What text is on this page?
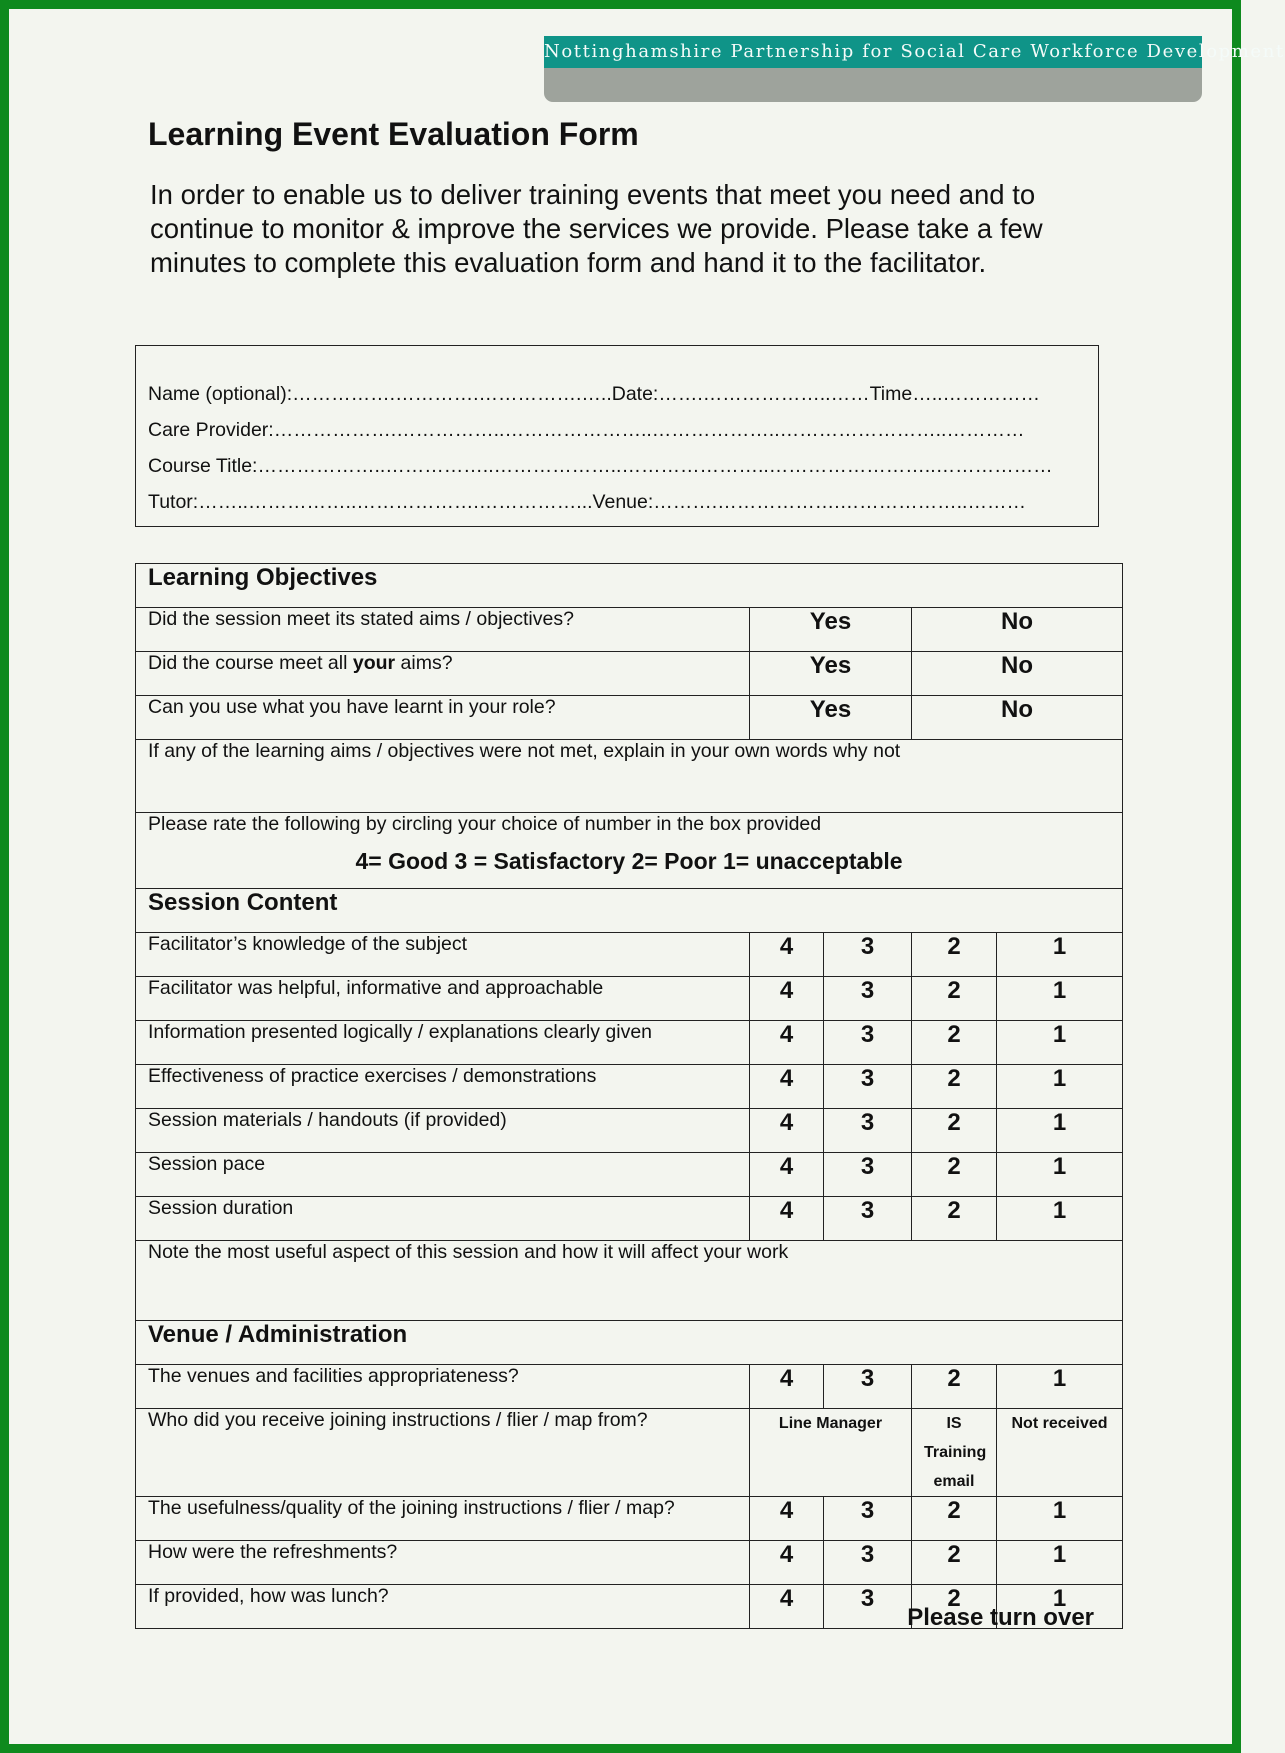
Nottinghamshire Partnership for Social Care Workforce Development
Learning Event Evaluation Form

In order to enable us to deliver training events that meet you need and to continue to monitor & improve the services we provide. Please take a few minutes to complete this evaluation form and hand it to the facilitator.

Name (optional):…………….………….…………….…..Date:…….………………..……Time…..……………
Care Provider:……………….……………..…………………..………………..……………………..…………
Course Title:………………..……………..………………..…………………..……………………..………………
Tutor:……..……………..……………….……………...Venue:……….……………….………………..………
Learning Objectives				
Did the session meet its stated aims / objectives?	Yes		No	
Did the course meet all your aims?	Yes		No	
Can you use what you have learnt in your role?	Yes		No	
If any of the learning aims / objectives were not met, explain in your own words why not				

Please rate the following by circling your choice of number in the box provided
4= Good 3 = Satisfactory 2= Poor 1= unacceptable				

Session Content				
Facilitator’s knowledge of the subject	4	3	2	1
Facilitator was helpful, informative and approachable	4	3	2	1
Information presented logically / explanations clearly given	4	3	2	1
Effectiveness of practice exercises / demonstrations	4	3	2	1
Session materials / handouts (if provided)	4	3	2	1
Session pace	4	3	2	1
Session duration	4	3	2	1
Note the most useful aspect of this session and how it will affect your work				
Venue / Administration				
The venues and facilities appropriateness?	4	3	2	1
Who did you receive joining instructions / flier / map from?	Line Manager		IS Training email	Not received
The usefulness/quality of the joining instructions / flier / map?	4	3	2	1
How were the refreshments?	4	3	2	1
If provided, how was lunch?	4	3	2	1
Please turn over
